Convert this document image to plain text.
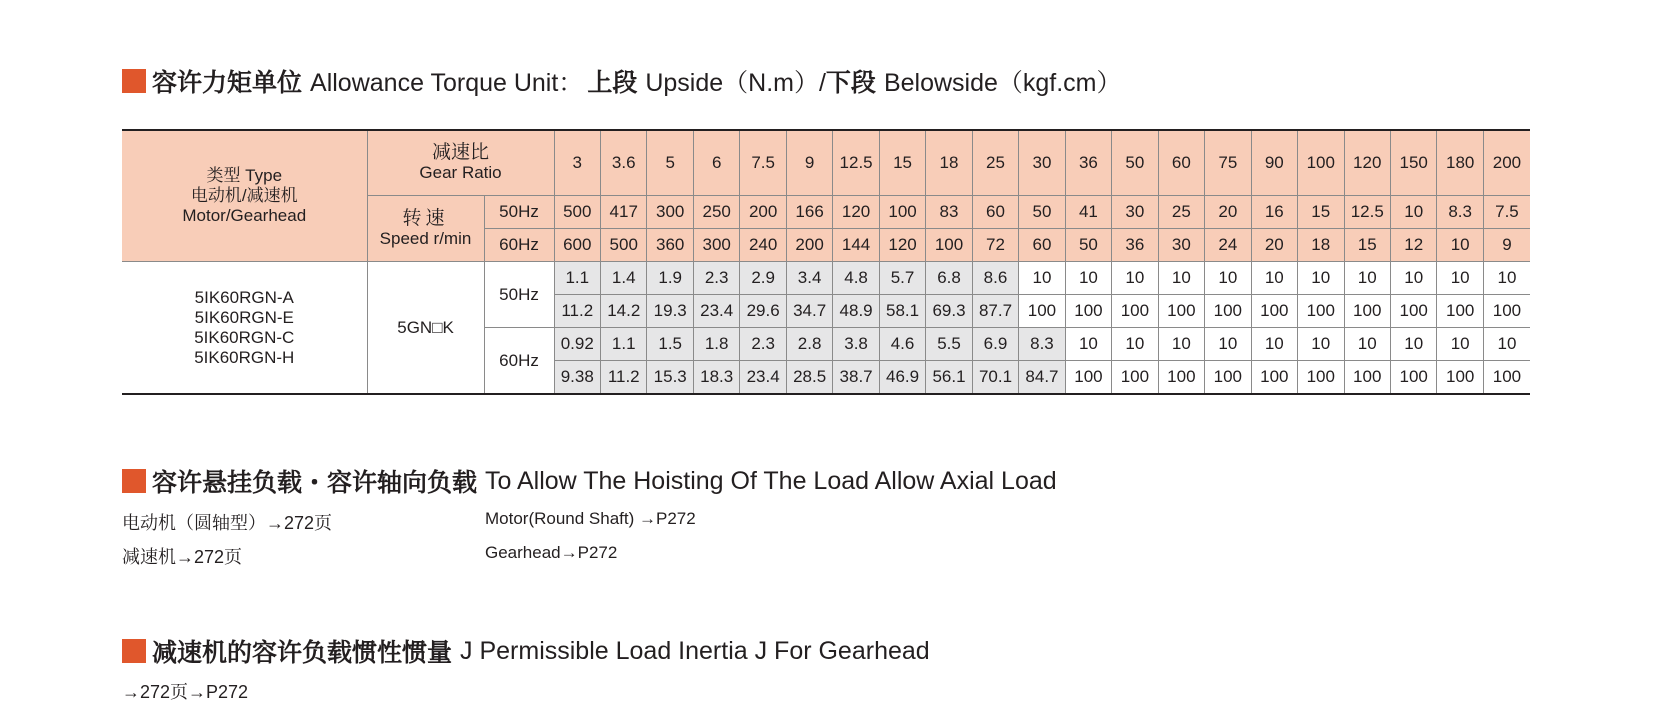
容许力矩单位 Allowance Torque Unit： 上段 Upside（N.m）/ 下段 Belowside（kgf.cm）
类型 Type
电动机/减速机
Motor/Gearhead	减速比
Gear Ratio		3	3.6	5	6	7.5	9	12.5	15	18	25	30	36	50	60	75	90	100	120	150	180	200

	转速
Speed r/min	50Hz	500	417	300	250	200	166	120	100	83	60	50	41	30	25	20	16	15	12.5	10	8.3	7.5
		60Hz	600	500	360	300	240	200	144	120	100	72	60	50	36	30	24	20	18	15	12	10	9

5IK60RGN-A
5IK60RGN-E
5IK60RGN-C
5IK60RGN-H	5GN□K	50Hz	1.1	1.4	1.9	2.3	2.9	3.4	4.8	5.7	6.8	8.6	10	10	10	10	10	10	10	10	10	10	10
			11.2	14.2	19.3	23.4	29.6	34.7	48.9	58.1	69.3	87.7	100	100	100	100	100	100	100	100	100	100	100
		60Hz	0.92	1.1	1.5	1.8	2.3	2.8	3.8	4.6	5.5	6.9	8.3	10	10	10	10	10	10	10	10	10	10
			9.38	11.2	15.3	18.3	23.4	28.5	38.7	46.9	56.1	70.1	84.7	100	100	100	100	100	100	100	100	100	100
容许悬挂负载・容许轴向负载 To Allow The Hoisting Of The Load Allow Axial Load
电动机（圆轴型）→272页	Motor(Round Shaft) →P272
减速机→272页	Gearhead→P272
减速机的容许负载惯性惯量 J Permissible Load Inertia J For Gearhead
→272页→P272
